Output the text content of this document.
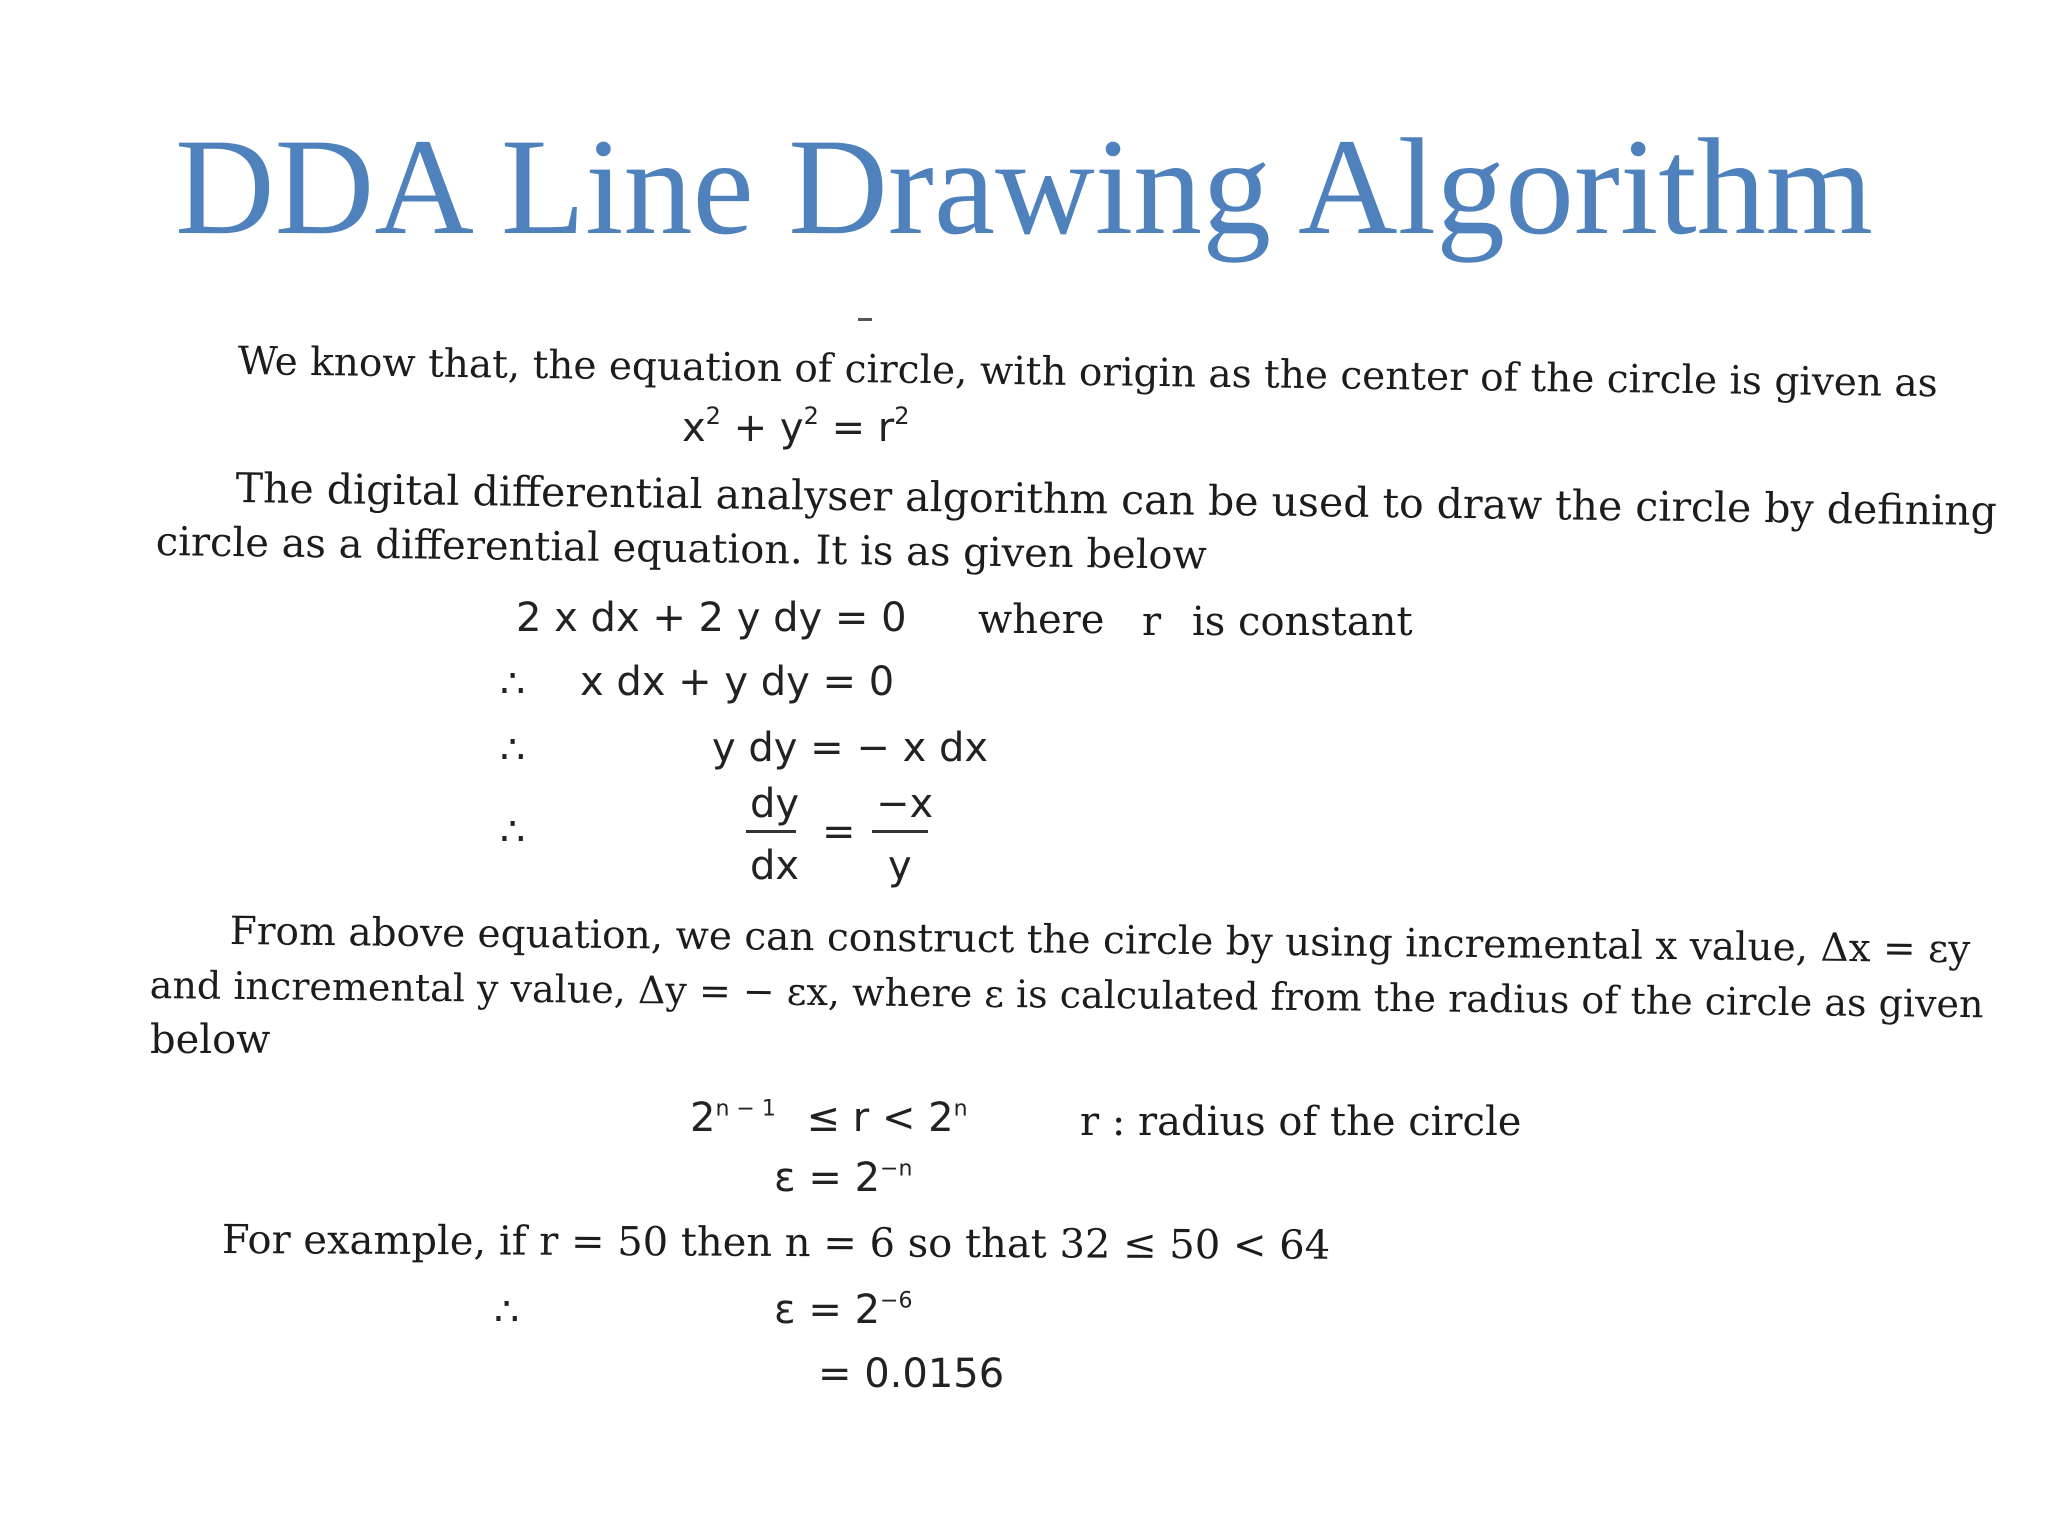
DDA Line Drawing Algorithm
We know that, the equation of circle, with origin as the center of the circle is given as
$x^2 + y^2 = r^2$
The digital differential analyser algorithm can be used to draw the circle by defining
circle as a differential equation. It is as given below
2 x dx + 2 y dy = 0 where r is constant
∴ x dx + y dy = 0
∴	y dy = − x dx
∴
dy
dx
=
−x
y
From above equation, we can construct the circle by using incremental x value, Δx = εy
and incremental y value, Δy = − εx, where ε is calculated from the radius of the circle as given
below
$2^{n - 1} \le r < 2^n$	r : radius of the circle
$\varepsilon = 2^{-n}$
For example, if r = 50 then n = 6 so that 32 ≤ 50 < 64
∴	$\varepsilon = 2^{-6}$
= 0.0156
